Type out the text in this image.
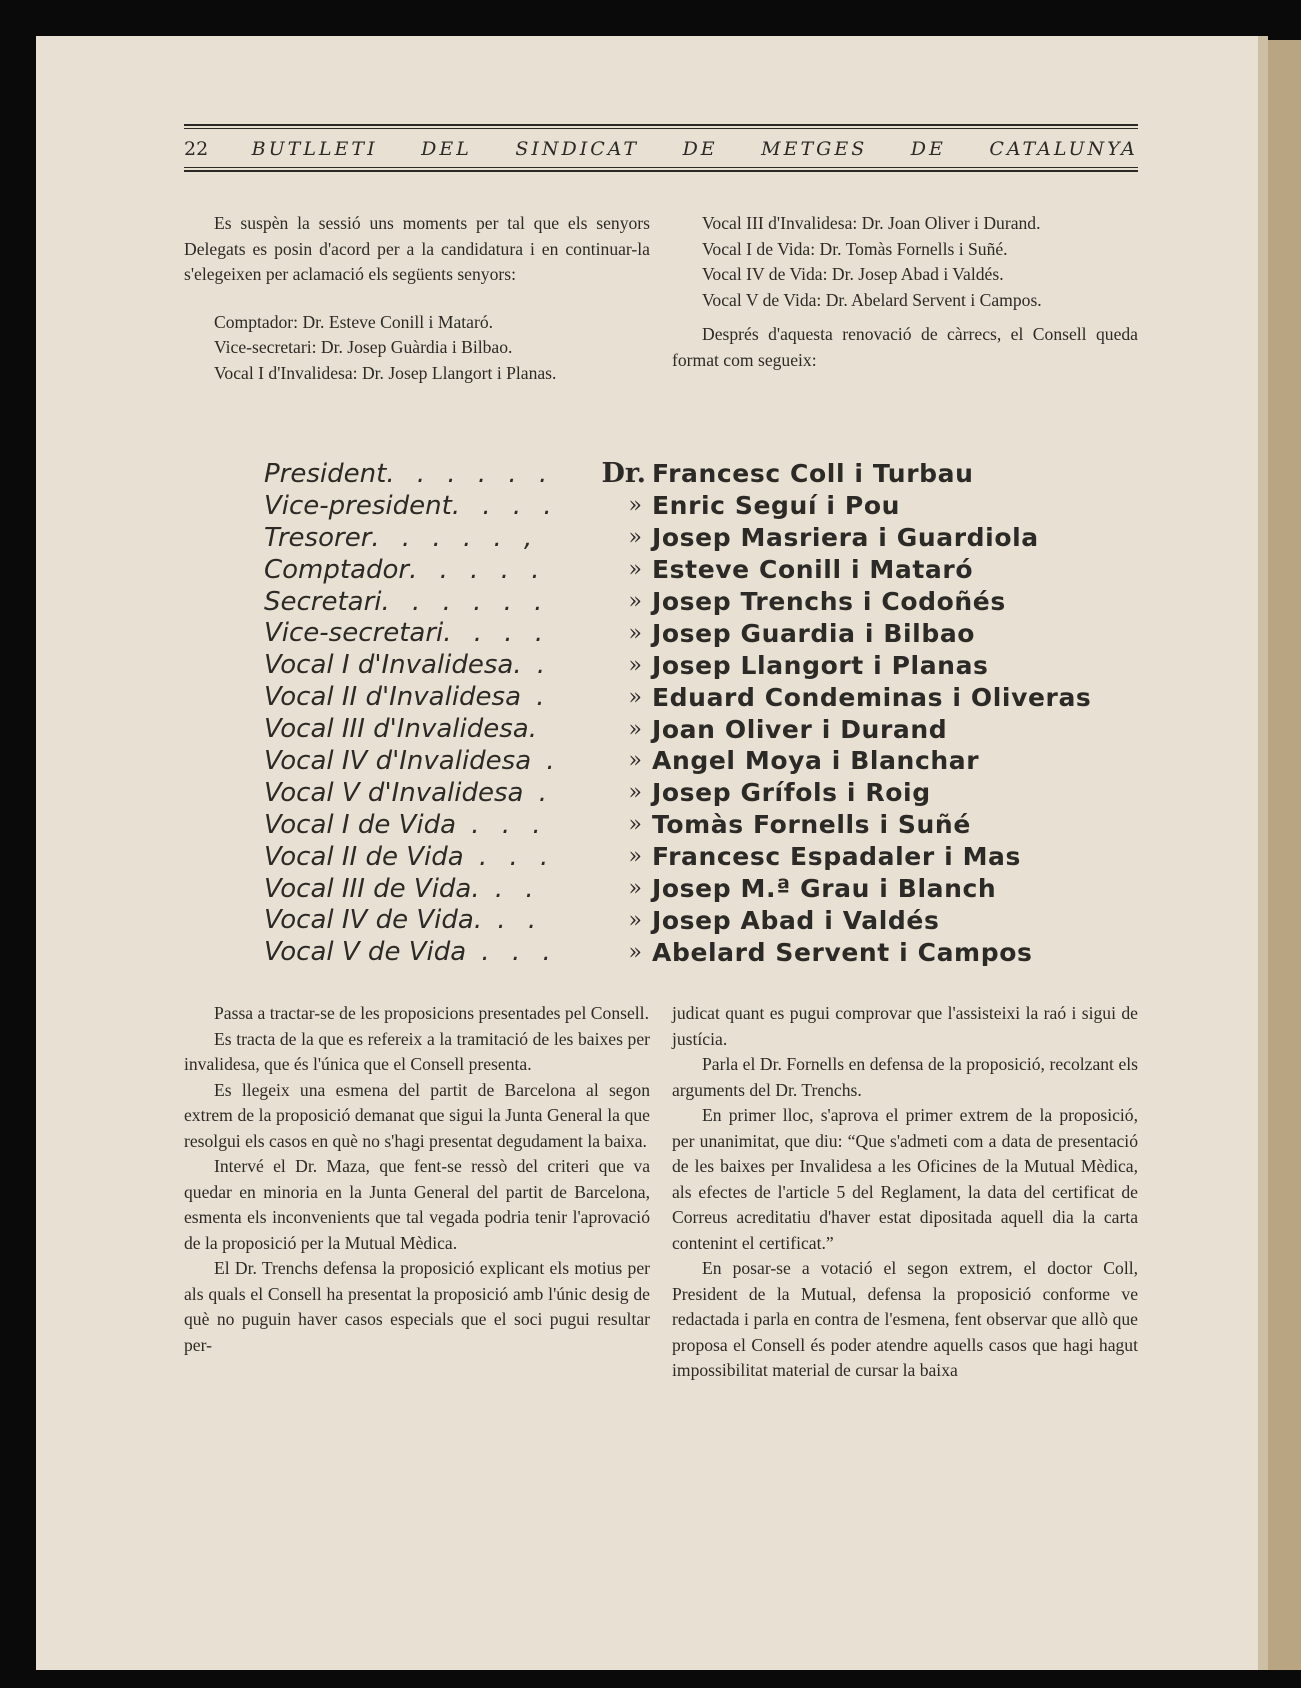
22 BUTLLETI DEL SINDICAT DE METGES DE CATALUNYA

Es suspèn la sessió uns moments per tal que els senyors Delegats es posin d'acord per a la candidatura i en continuar-la s'elegeixen per aclamació els següents senyors:

Comptador: Dr. Esteve Conill i Mataró.

Vice-secretari: Dr. Josep Guàrdia i Bilbao.

Vocal I d'Invalidesa: Dr. Josep Llangort i Planas.

Vocal III d'Invalidesa: Dr. Joan Oliver i Durand.

Vocal I de Vida: Dr. Tomàs Fornells i Suñé.

Vocal IV de Vida: Dr. Josep Abad i Valdés.

Vocal V de Vida: Dr. Abelard Servent i Campos.

Després d'aquesta renovació de càrrecs, el Consell queda format com segueix:

President. . . . . .	Dr. Francesc Coll i Turbau
Vice-president. . . .	» Enric Seguí i Pou
Tresorer. . . . . ,	» Josep Masriera i Guardiola
Comptador. . . . .	» Esteve Conill i Mataró
Secretari. . . . . .	» Josep Trenchs i Codoñés
Vice-secretari. . . .	» Josep Guardia i Bilbao
Vocal I d'Invalidesa. .	» Josep Llangort i Planas
Vocal II d'Invalidesa .	» Eduard Condeminas i Oliveras
Vocal III d'Invalidesa.	» Joan Oliver i Durand
Vocal IV d'Invalidesa .	» Angel Moya i Blanchar
Vocal V d'Invalidesa .	» Josep Grífols i Roig
Vocal I de Vida . . .	» Tomàs Fornells i Suñé
Vocal II de Vida . . .	» Francesc Espadaler i Mas
Vocal III de Vida. . .	» Josep M.ª Grau i Blanch
Vocal IV de Vida. . .	» Josep Abad i Valdés
Vocal V de Vida . . .	» Abelard Servent i Campos

Passa a tractar-se de les proposicions presentades pel Consell.

Es tracta de la que es refereix a la tramitació de les baixes per invalidesa, que és l'única que el Consell presenta.

Es llegeix una esmena del partit de Barcelona al segon extrem de la proposició demanat que sigui la Junta General la que resolgui els casos en què no s'hagi presentat degudament la baixa.

Intervé el Dr. Maza, que fent-se ressò del criteri que va quedar en minoria en la Junta General del partit de Barcelona, esmenta els inconvenients que tal vegada podria tenir l'aprovació de la proposició per la Mutual Mèdica.

El Dr. Trenchs defensa la proposició explicant els motius per als quals el Consell ha presentat la proposició amb l'únic desig de què no puguin haver casos especials que el soci pugui resultar per-

judicat quant es pugui comprovar que l'assisteixi la raó i sigui de justícia.

Parla el Dr. Fornells en defensa de la proposició, recolzant els arguments del Dr. Trenchs.

En primer lloc, s'aprova el primer extrem de la proposició, per unanimitat, que diu: “Que s'admeti com a data de presentació de les baixes per Invalidesa a les Oficines de la Mutual Mèdica, als efectes de l'article 5 del Reglament, la data del certificat de Correus acreditatiu d'haver estat dipositada aquell dia la carta contenint el certificat.”

En posar-se a votació el segon extrem, el doctor Coll, President de la Mutual, defensa la proposició conforme ve redactada i parla en contra de l'esmena, fent observar que allò que proposa el Consell és poder atendre aquells casos que hagi hagut impossibilitat material de cursar la baixa
